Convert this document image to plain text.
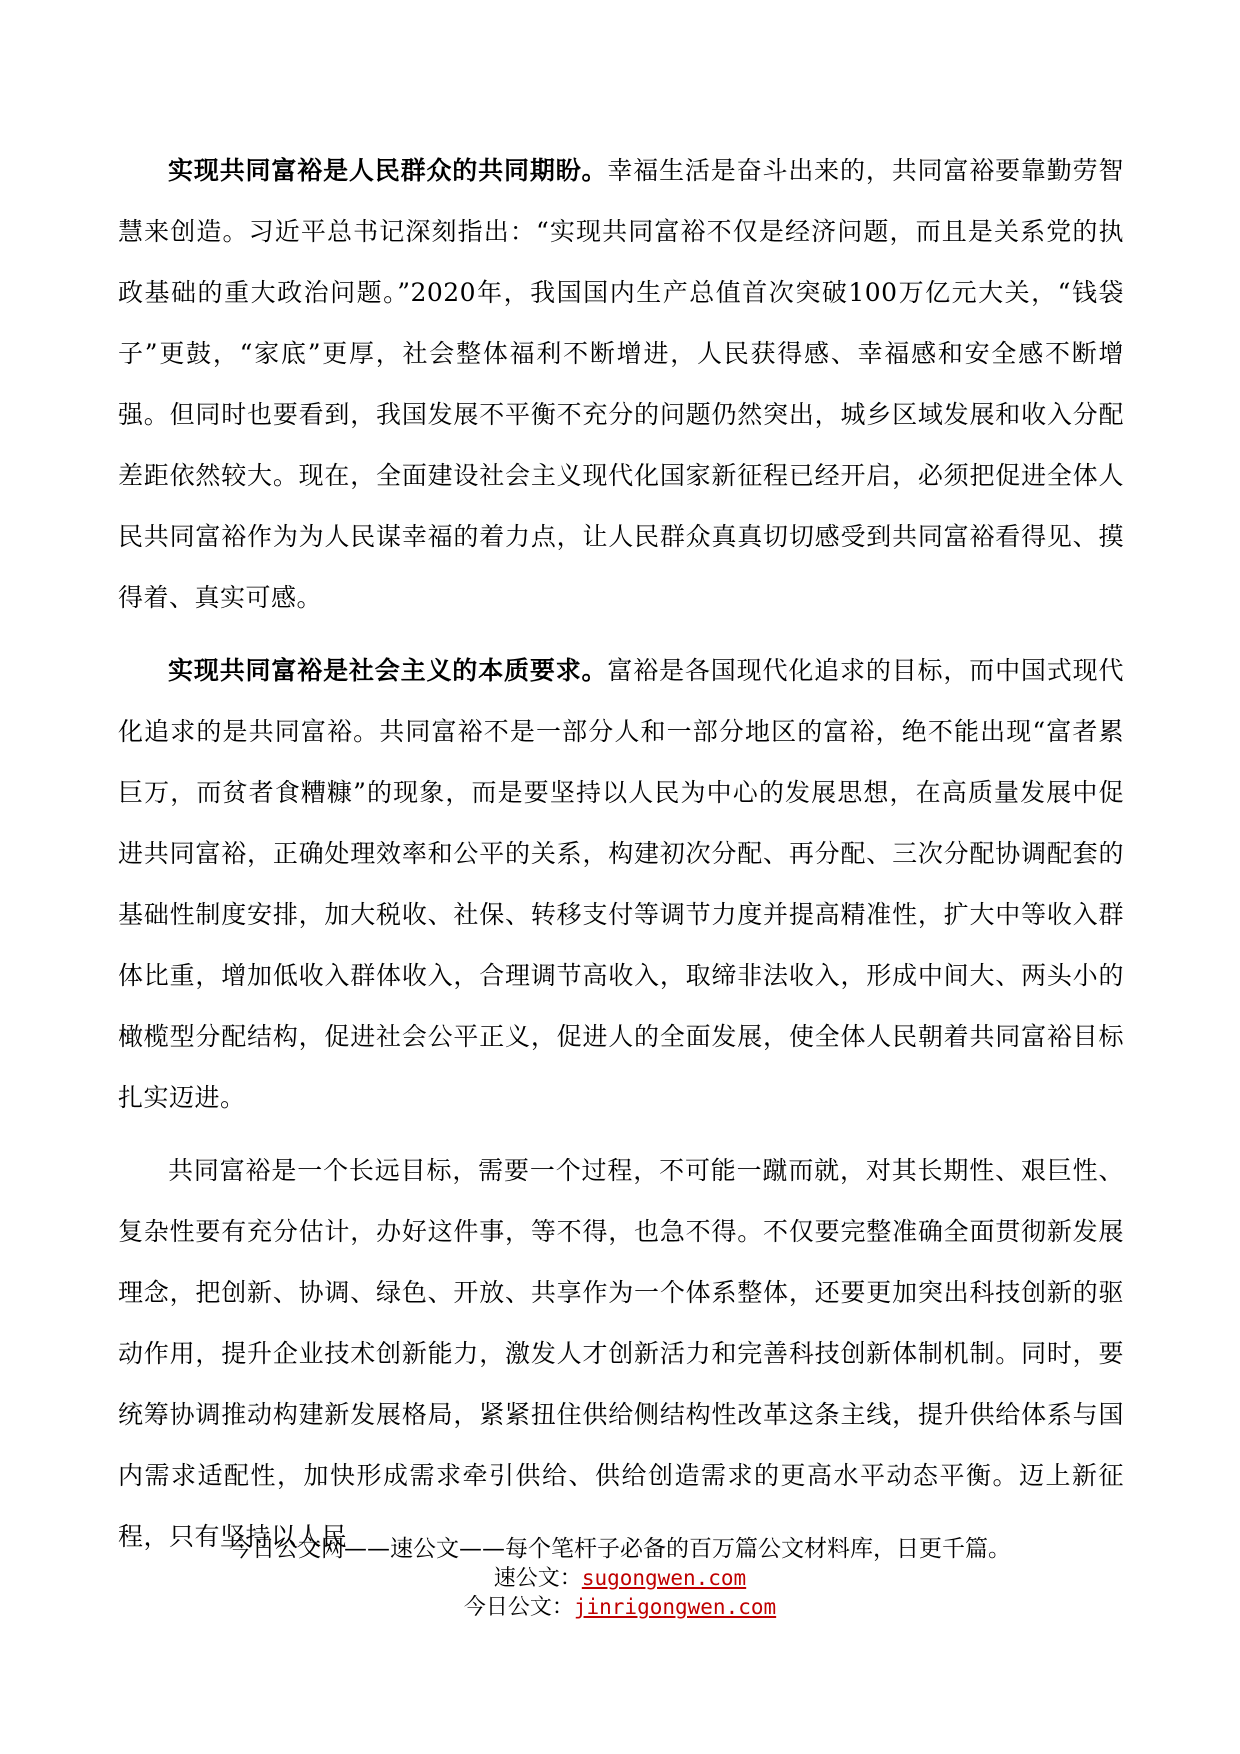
实现共同富裕是人民群众的共同期盼。幸福生活是奋斗出来的，共同富裕要靠勤劳智慧来创造。习近平总书记深刻指出：“实现共同富裕不仅是经济问题，而且是关系党的执政基础的重大政治问题。”2020年，我国国内生产总值首次突破100万亿元大关，“钱袋子”更鼓，“家底”更厚，社会整体福利不断增进，人民获得感、幸福感和安全感不断增强。但同时也要看到，我国发展不平衡不充分的问题仍然突出，城乡区域发展和收入分配差距依然较大。现在，全面建设社会主义现代化国家新征程已经开启，必须把促进全体人民共同富裕作为为人民谋幸福的着力点，让人民群众真真切切感受到共同富裕看得见、摸得着、真实可感。

实现共同富裕是社会主义的本质要求。富裕是各国现代化追求的目标，而中国式现代化追求的是共同富裕。共同富裕不是一部分人和一部分地区的富裕，绝不能出现“富者累巨万，而贫者食糟糠”的现象，而是要坚持以人民为中心的发展思想，在高质量发展中促进共同富裕，正确处理效率和公平的关系，构建初次分配、再分配、三次分配协调配套的基础性制度安排，加大税收、社保、转移支付等调节力度并提高精准性，扩大中等收入群体比重，增加低收入群体收入，合理调节高收入，取缔非法收入，形成中间大、两头小的橄榄型分配结构，促进社会公平正义，促进人的全面发展，使全体人民朝着共同富裕目标扎实迈进。

共同富裕是一个长远目标，需要一个过程，不可能一蹴而就，对其长期性、艰巨性、复杂性要有充分估计，办好这件事，等不得，也急不得。不仅要完整准确全面贯彻新发展理念，把创新、协调、绿色、开放、共享作为一个体系整体，还要更加突出科技创新的驱动作用，提升企业技术创新能力，激发人才创新活力和完善科技创新体制机制。同时，要统筹协调推动构建新发展格局，紧紧扭住供给侧结构性改革这条主线，提升供给体系与国内需求适配性，加快形成需求牵引供给、供给创造需求的更高水平动态平衡。迈上新征程，只有坚持以人民

今日公文网——速公文——每个笔杆子必备的百万篇公文材料库，日更千篇。

速公文：sugongwen.com

今日公文：jinrigongwen.com
